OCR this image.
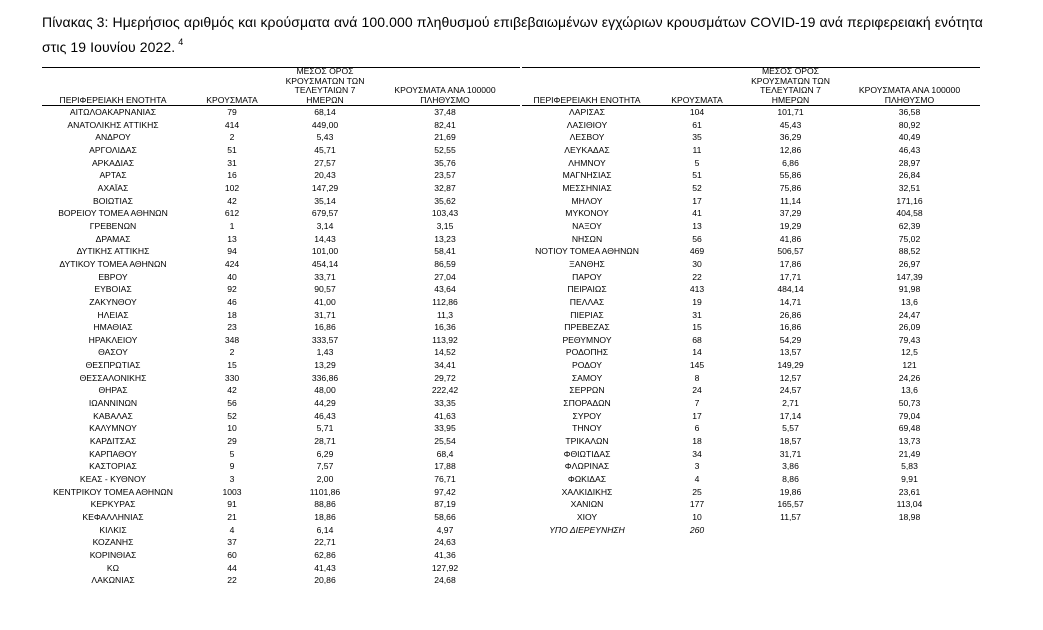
Πίνακας 3: Ημερήσιος αριθμός και κρούσματα ανά 100.000 πληθυσμού επιβεβαιωμένων εγχώριων κρουσμάτων COVID-19 ανά περιφερειακή ενότητα στις 19 Ιουνίου 2022. $^4$
ΠΕΡΙΦΕΡΕΙΑΚΗ ΕΝΟΤΗΤΑ	ΚΡΟΥΣΜΑΤΑ	ΜΕΣΟΣ ΟΡΟΣ
ΚΡΟΥΣΜΑΤΩΝ ΤΩΝ
ΤΕΛΕΥΤΑΙΩΝ 7 ΗΜΕΡΩΝ	ΚΡΟΥΣΜΑΤΑ ΑΝΑ 100000
ΠΛΗΘΥΣΜΟ
ΑΙΤΩΛΟΑΚΑΡΝΑΝΙΑΣ	79	68,14	37,48
ΑΝΑΤΟΛΙΚΗΣ ΑΤΤΙΚΗΣ	414	449,00	82,41
ΑΝΔΡΟΥ	2	5,43	21,69
ΑΡΓΟΛΙΔΑΣ	51	45,71	52,55
ΑΡΚΑΔΙΑΣ	31	27,57	35,76
ΑΡΤΑΣ	16	20,43	23,57
ΑΧΑΪΑΣ	102	147,29	32,87
ΒΟΙΩΤΙΑΣ	42	35,14	35,62
ΒΟΡΕΙΟΥ ΤΟΜΕΑ ΑΘΗΝΩΝ	612	679,57	103,43
ΓΡΕΒΕΝΩΝ	1	3,14	3,15
ΔΡΑΜΑΣ	13	14,43	13,23
ΔΥΤΙΚΗΣ ΑΤΤΙΚΗΣ	94	101,00	58,41
ΔΥΤΙΚΟΥ ΤΟΜΕΑ ΑΘΗΝΩΝ	424	454,14	86,59
ΕΒΡΟΥ	40	33,71	27,04
ΕΥΒΟΙΑΣ	92	90,57	43,64
ΖΑΚΥΝΘΟΥ	46	41,00	112,86
ΗΛΕΙΑΣ	18	31,71	11,3
ΗΜΑΘΙΑΣ	23	16,86	16,36
ΗΡΑΚΛΕΙΟΥ	348	333,57	113,92
ΘΑΣΟΥ	2	1,43	14,52
ΘΕΣΠΡΩΤΙΑΣ	15	13,29	34,41
ΘΕΣΣΑΛΟΝΙΚΗΣ	330	336,86	29,72
ΘΗΡΑΣ	42	48,00	222,42
ΙΩΑΝΝΙΝΩΝ	56	44,29	33,35
ΚΑΒΑΛΑΣ	52	46,43	41,63
ΚΑΛΥΜΝΟΥ	10	5,71	33,95
ΚΑΡΔΙΤΣΑΣ	29	28,71	25,54
ΚΑΡΠΑΘΟΥ	5	6,29	68,4
ΚΑΣΤΟΡΙΑΣ	9	7,57	17,88
ΚΕΑΣ - ΚΥΘΝΟΥ	3	2,00	76,71
ΚΕΝΤΡΙΚΟΥ ΤΟΜΕΑ ΑΘΗΝΩΝ	1003	1101,86	97,42
ΚΕΡΚΥΡΑΣ	91	88,86	87,19
ΚΕΦΑΛΛΗΝΙΑΣ	21	18,86	58,66
ΚΙΛΚΙΣ	4	6,14	4,97
ΚΟΖΑΝΗΣ	37	22,71	24,63
ΚΟΡΙΝΘΙΑΣ	60	62,86	41,36
ΚΩ	44	41,43	127,92
ΛΑΚΩΝΙΑΣ	22	20,86	24,68
ΠΕΡΙΦΕΡΕΙΑΚΗ ΕΝΟΤΗΤΑ	ΚΡΟΥΣΜΑΤΑ	ΜΕΣΟΣ ΟΡΟΣ
ΚΡΟΥΣΜΑΤΩΝ ΤΩΝ
ΤΕΛΕΥΤΑΙΩΝ 7 ΗΜΕΡΩΝ	ΚΡΟΥΣΜΑΤΑ ΑΝΑ 100000
ΠΛΗΘΥΣΜΟ
ΛΑΡΙΣΑΣ	104	101,71	36,58
ΛΑΣΙΘΙΟΥ	61	45,43	80,92
ΛΕΣΒΟΥ	35	36,29	40,49
ΛΕΥΚΑΔΑΣ	11	12,86	46,43
ΛΗΜΝΟΥ	5	6,86	28,97
ΜΑΓΝΗΣΙΑΣ	51	55,86	26,84
ΜΕΣΣΗΝΙΑΣ	52	75,86	32,51
ΜΗΛΟΥ	17	11,14	171,16
ΜΥΚΟΝΟΥ	41	37,29	404,58
ΝΑΞΟΥ	13	19,29	62,39
ΝΗΣΩΝ	56	41,86	75,02
ΝΟΤΙΟΥ ΤΟΜΕΑ ΑΘΗΝΩΝ	469	506,57	88,52
ΞΑΝΘΗΣ	30	17,86	26,97
ΠΑΡΟΥ	22	17,71	147,39
ΠΕΙΡΑΙΩΣ	413	484,14	91,98
ΠΕΛΛΑΣ	19	14,71	13,6
ΠΙΕΡΙΑΣ	31	26,86	24,47
ΠΡΕΒΕΖΑΣ	15	16,86	26,09
ΡΕΘΥΜΝΟΥ	68	54,29	79,43
ΡΟΔΟΠΗΣ	14	13,57	12,5
ΡΟΔΟΥ	145	149,29	121
ΣΑΜΟΥ	8	12,57	24,26
ΣΕΡΡΩΝ	24	24,57	13,6
ΣΠΟΡΑΔΩΝ	7	2,71	50,73
ΣΥΡΟΥ	17	17,14	79,04
ΤΗΝΟΥ	6	5,57	69,48
ΤΡΙΚΑΛΩΝ	18	18,57	13,73
ΦΘΙΩΤΙΔΑΣ	34	31,71	21,49
ΦΛΩΡΙΝΑΣ	3	3,86	5,83
ΦΩΚΙΔΑΣ	4	8,86	9,91
ΧΑΛΚΙΔΙΚΗΣ	25	19,86	23,61
ΧΑΝΙΩΝ	177	165,57	113,04
ΧΙΟΥ	10	11,57	18,98
ΥΠΟ ΔΙΕΡΕΥΝΗΣΗ	260		
